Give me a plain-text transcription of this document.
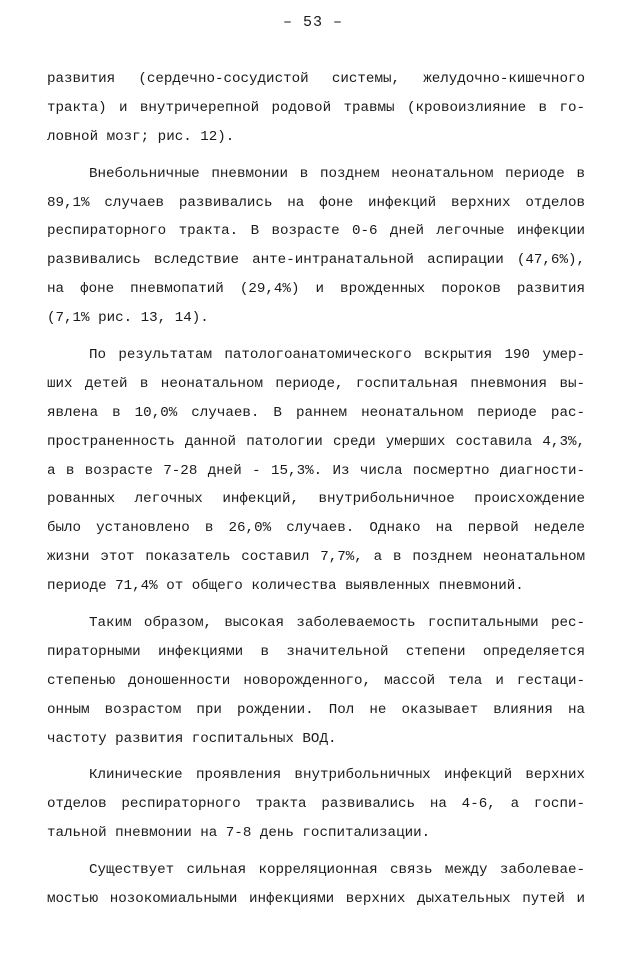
– 53 –
развития (сердечно-сосудистой системы, желудочно-кишечного
тракта) и внутричерепной родовой травмы (кровоизлияние в го-
ловной мозг; рис. 12).
Внебольничные пневмонии в позднем неонатальном периоде в
89,1% случаев развивались на фоне инфекций верхних отделов
респираторного тракта. В возрасте 0-6 дней легочные инфекции
развивались вследствие анте-интранатальной аспирации (47,6%),
на фоне пневмопатий (29,4%) и врожденных пороков развития
(7,1% рис. 13, 14).
По результатам патологоанатомического вскрытия 190 умер-
ших детей в неонатальном периоде, госпитальная пневмония вы-
явлена в 10,0% случаев. В раннем неонатальном периоде рас-
пространенность данной патологии среди умерших составила 4,3%,
а в возрасте 7-28 дней - 15,3%. Из числа посмертно диагности-
рованных легочных инфекций, внутрибольничное происхождение
было установлено в 26,0% случаев. Однако на первой неделе
жизни этот показатель составил 7,7%, а в позднем неонатальном
периоде 71,4% от общего количества выявленных пневмоний.
Таким образом, высокая заболеваемость госпитальными рес-
пираторными инфекциями в значительной степени определяется
степенью доношенности новорожденного, массой тела и гестаци-
онным возрастом при рождении. Пол не оказывает влияния на
частоту развития госпитальных ВОД.
Клинические проявления внутрибольничных инфекций верхних
отделов респираторного тракта развивались на 4-6, а госпи-
тальной пневмонии на 7-8 день госпитализации.
Существует сильная корреляционная связь между заболевае-
мостью нозокомиальными инфекциями верхних дыхательных путей и
